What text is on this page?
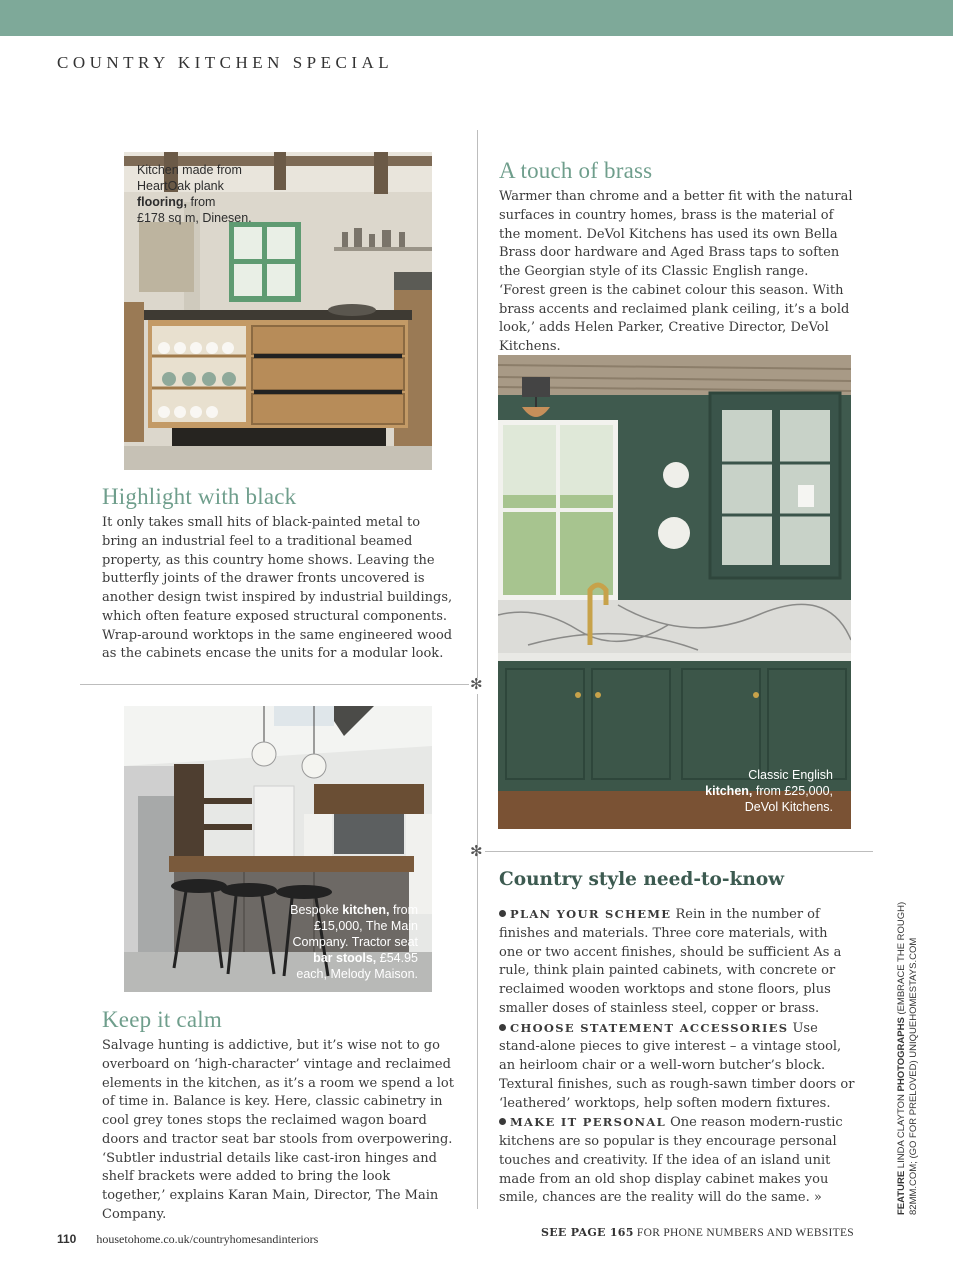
COUNTRY KITCHEN SPECIAL
✻
✻
Kitchen made from
HeartOak plank
flooring, from
£178 sq m, Dinesen.
A touch of brass

Warmer than chrome and a better fit with the natural surfaces in country homes, brass is the material of the moment. DeVol Kitchens has used its own Bella Brass door hardware and Aged Brass taps to soften the Georgian style of its Classic English range. ‘Forest green is the cabinet colour this season. With brass accents and reclaimed plank ceiling, it’s a bold look,’ adds Helen Parker, Creative Director, DeVol Kitchens.

Classic English
kitchen, from £25,000,
DeVol Kitchens.
Highlight with black

It only takes small hits of black-painted metal to bring an industrial feel to a traditional beamed property, as this country home shows. Leaving the butterfly joints of the drawer fronts uncovered is another design twist inspired by industrial buildings, which often feature exposed structural components. Wrap-around worktops in the same engineered wood as the cabinets encase the units for a modular look.

Bespoke kitchen, from
£15,000, The Main
Company. Tractor seat
bar stools, £54.95
each, Melody Maison.
Country style need-to-know

PLAN YOUR SCHEME Rein in the number of finishes and materials. Three core materials, with one or two accent finishes, should be sufficient As a rule, think plain painted cabinets, with concrete or reclaimed wooden worktops and stone floors, plus smaller doses of stainless steel, copper or brass.

CHOOSE STATEMENT ACCESSORIES Use stand-alone pieces to give interest – a vintage stool, an heirloom chair or a well-worn butcher’s block. Textural finishes, such as rough-sawn timber doors or ‘leathered’ worktops, help soften modern fixtures.

MAKE IT PERSONAL One reason modern-rustic kitchens are so popular is they encourage personal touches and creativity. If the idea of an island unit made from an old shop display cabinet makes you smile, chances are the reality will do the same. »

Keep it calm

Salvage hunting is addictive, but it’s wise not to go overboard on ‘high-character’ vintage and reclaimed elements in the kitchen, as it’s a room we spend a lot of time in. Balance is key. Here, classic cabinetry in cool grey tones stops the reclaimed wagon board doors and tractor seat bar stools from overpowering. ‘Subtler industrial details like cast-iron hinges and shelf brackets were added to bring the look together,’ explains Karan Main, Director, The Main Company.	FEATURE LINDA CLAYTON PHOTOGRAPHS (EMBRACE THE ROUGH) 82MM.COM; (GO FOR PRELOVED) UNIQUEHOMESTAYS.COM
110 housetohome.co.uk/countryhomesandinteriors	SEE PAGE 165 FOR PHONE NUMBERS AND WEBSITES
